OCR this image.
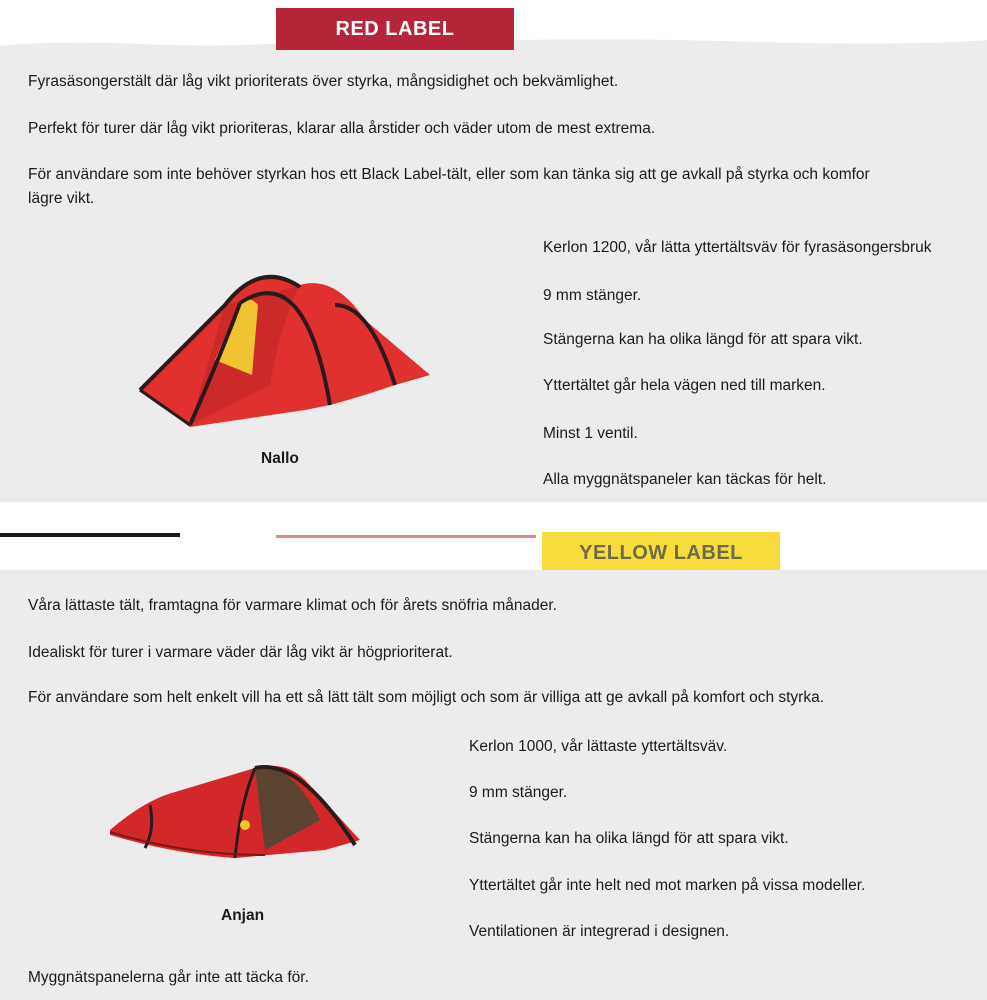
RED LABEL
Fyrasäsongerstält där låg vikt prioriterats över styrka, mångsidighet och bekvämlighet.
Perfekt för turer där låg vikt prioriteras, klarar alla årstider och väder utom de mest extrema.
För användare som inte behöver styrkan hos ett Black Label-tält, eller som kan tänka sig att ge avkall på styrka och komfor
lägre vikt.
Nallo
Kerlon 1200, vår lätta yttertältsväv för fyrasäsongersbruk
9 mm stänger.
Stängerna kan ha olika längd för att spara vikt.
Yttertältet går hela vägen ned till marken.
Minst 1 ventil.
Alla myggnätspaneler kan täckas för helt.
YELLOW LABEL
Våra lättaste tält, framtagna för varmare klimat och för årets snöfria månader.
Idealiskt för turer i varmare väder där låg vikt är högprioriterat.
För användare som helt enkelt vill ha ett så lätt tält som möjligt och som är villiga att ge avkall på komfort och styrka.
Anjan
Kerlon 1000, vår lättaste yttertältsväv.
9 mm stänger.
Stängerna kan ha olika längd för att spara vikt.
Yttertältet går inte helt ned mot marken på vissa modeller.
Ventilationen är integrerad i designen.
Myggnätspanelerna går inte att täcka för.
